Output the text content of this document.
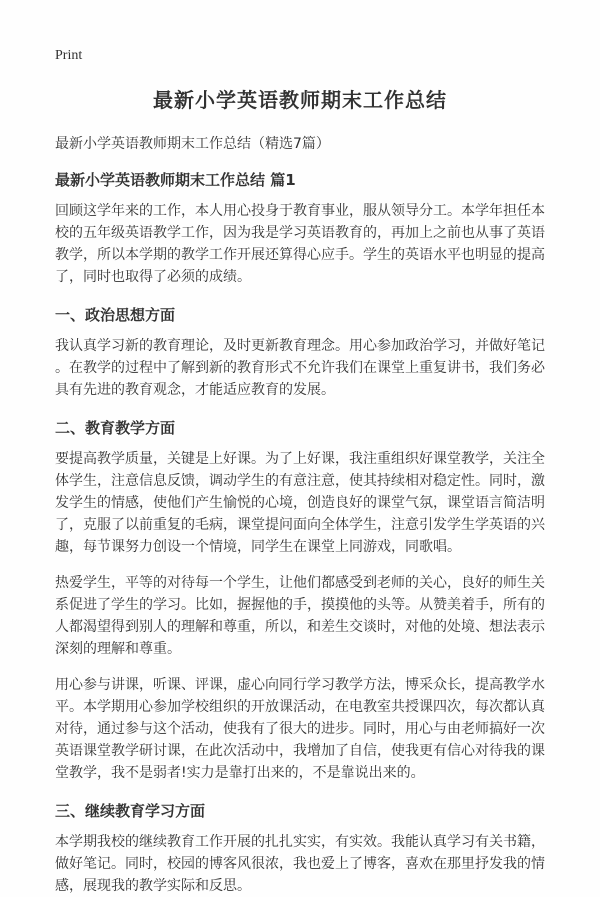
Print
最新小学英语教师期末工作总结

最新小学英语教师期末工作总结（精选7篇）

最新小学英语教师期末工作总结 篇1

回顾这学年来的工作，本人用心投身于教育事业，服从领导分工。本学年担任本校的五年级英语教学工作，因为我是学习英语教育的，再加上之前也从事了英语教学，所以本学期的教学工作开展还算得心应手。学生的英语水平也明显的提高了，同时也取得了必须的成绩。

一、政治思想方面

我认真学习新的教育理论，及时更新教育理念。用心参加政治学习，并做好笔记。在教学的过程中了解到新的教育形式不允许我们在课堂上重复讲书，我们务必具有先进的教育观念，才能适应教育的发展。

二、教育教学方面

要提高教学质量，关键是上好课。为了上好课，我注重组织好课堂教学，关注全体学生，注意信息反馈，调动学生的有意注意，使其持续相对稳定性。同时，激发学生的情感，使他们产生愉悦的心境，创造良好的课堂气氛，课堂语言简洁明了，克服了以前重复的毛病，课堂提问面向全体学生，注意引发学生学英语的兴趣，每节课努力创设一个情境，同学生在课堂上同游戏，同歌唱。

热爱学生，平等的对待每一个学生，让他们都感受到老师的关心，良好的师生关系促进了学生的学习。比如，握握他的手，摸摸他的头等。从赞美着手，所有的人都渴望得到别人的理解和尊重，所以，和差生交谈时，对他的处境、想法表示深刻的理解和尊重。

用心参与讲课，听课、评课，虚心向同行学习教学方法，博采众长，提高教学水平。本学期用心参加学校组织的开放课活动，在电教室共授课四次，每次都认真对待，通过参与这个活动，使我有了很大的进步。同时，用心与由老师搞好一次英语课堂教学研讨课，在此次活动中，我增加了自信，使我更有信心对待我的课堂教学，我不是弱者!实力是靠打出来的，不是靠说出来的。

三、继续教育学习方面

本学期我校的继续教育工作开展的扎扎实实，有实效。我能认真学习有关书籍，做好笔记。同时，校园的博客风很浓，我也爱上了博客，喜欢在那里抒发我的情感，展现我的教学实际和反思。
